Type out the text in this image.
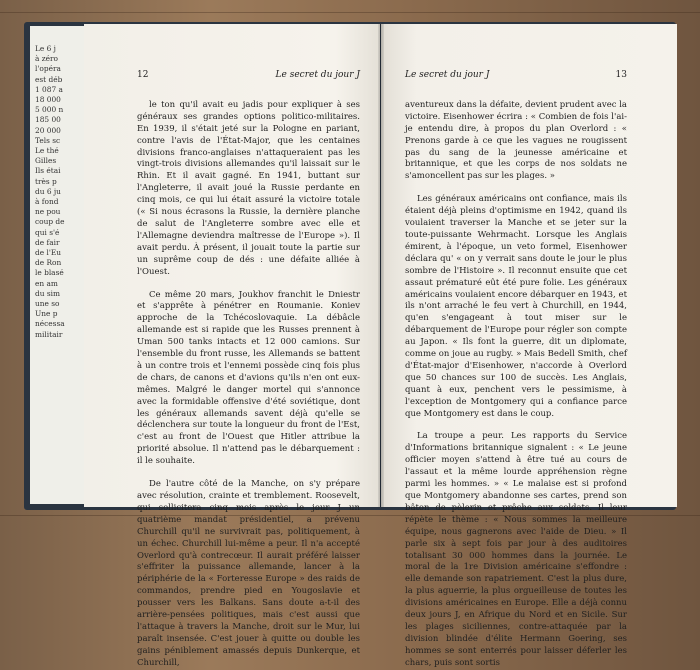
Le 6 j
à zéro
l'opéra
est déb
1 087 a
18 000
5 000 n
185 00
20 000
Tels sc
Le thé
Gilles
Ils étai
très p
du 6 ju
à fond
ne pou
coup de
qui s'é
de fair
de l'Eu
de Ron
le blasé
en am
du sim
une so
Une p
nécessa
militair
12	Le secret du jour J

le ton qu'il avait eu jadis pour expliquer à ses généraux ses grandes options politico-militaires. En 1939, il s'était jeté sur la Pologne en pariant, contre l'avis de l'État-Major, que les centaines divisions franco-anglaises n'attaqueraient pas les vingt-trois divisions allemandes qu'il laissait sur le Rhin. Et il avait gagné. En 1941, buttant sur l'Angleterre, il avait joué la Russie perdante en cinq mois, ce qui lui était assuré la victoire totale (« Si nous écrasons la Russie, la dernière planche de salut de l'Angleterre sombre avec elle et l'Allemagne deviendra maîtresse de l'Europe »). Il avait perdu. À présent, il jouait toute la partie sur un suprême coup de dés : une défaite alliée à l'Ouest.

Ce même 20 mars, Joukhov franchit le Dniestr et s'apprête à pénétrer en Roumanie. Koniev approche de la Tchécoslovaquie. La débâcle allemande est si rapide que les Russes prennent à Uman 500 tanks intacts et 12 000 camions. Sur l'ensemble du front russe, les Allemands se battent à un contre trois et l'ennemi possède cinq fois plus de chars, de canons et d'avions qu'ils n'en ont eux-mêmes. Malgré le danger mortel qui s'annonce avec la formidable offensive d'été soviétique, dont les généraux allemands savent déjà qu'elle se déclenchera sur toute la longueur du front de l'Est, c'est au front de l'Ouest que Hitler attribue la priorité absolue. Il n'attend pas le débarquement : il le souhaite.

De l'autre côté de la Manche, on s'y prépare avec résolution, crainte et tremblement. Roosevelt, qui sollicitera cinq mois après le jour J un quatrième mandat présidentiel, a prévenu Churchill qu'il ne survivrait pas, politiquement, à un échec. Churchill lui-même a peur. Il n'a accepté Overlord qu'à contrecœur. Il aurait préféré laisser s'effriter la puissance allemande, lancer à la périphérie de la « Forteresse Europe » des raids de commandos, prendre pied en Yougoslavie et pousser vers les Balkans. Sans doute a-t-il des arrière-pensées politiques, mais c'est aussi que l'attaque à travers la Manche, droit sur le Mur, lui paraît insensée. C'est jouer à quitte ou double les gains péniblement amassés depuis Dunkerque, et Churchill,

Le secret du jour J	13

aventureux dans la défaite, devient prudent avec la victoire. Eisenhower écrira : « Combien de fois l'ai-je entendu dire, à propos du plan Overlord : « Prenons garde à ce que les vagues ne rougissent pas du sang de la jeunesse américaine et britannique, et que les corps de nos soldats ne s'amoncellent pas sur les plages. »

Les généraux américains ont confiance, mais ils étaient déjà pleins d'optimisme en 1942, quand ils voulaient traverser la Manche et se jeter sur la toute-puissante Wehrmacht. Lorsque les Anglais émirent, à l'époque, un veto formel, Eisenhower déclara qu' « on y verrait sans doute le jour le plus sombre de l'Histoire ». Il reconnut ensuite que cet assaut prématuré eût été pure folie. Les généraux américains voulaient encore débarquer en 1943, et ils n'ont arraché le feu vert à Churchill, en 1944, qu'en s'engageant à tout miser sur le débarquement de l'Europe pour régler son compte au Japon. « Ils font la guerre, dit un diplomate, comme on joue au rugby. » Mais Bedell Smith, chef d'État-major d'Eisenhower, n'accorde à Overlord que 50 chances sur 100 de succès. Les Anglais, quant à eux, penchent vers le pessimisme, à l'exception de Montgomery qui a confiance parce que Montgomery est dans le coup.

La troupe a peur. Les rapports du Service d'Informations britannique signalent : « Le jeune officier moyen s'attend à être tué au cours de l'assaut et la même lourde appréhension règne parmi les hommes. » « Le malaise est si profond que Montgomery abandonne ses cartes, prend son bâton de pèlerin et prêche aux soldats. Il leur répète le thème : « Nous sommes la meilleure équipe, nous gagnerons avec l'aide de Dieu. » Il parle six à sept fois par jour à des auditoires totalisant 30 000 hommes dans la journée. Le moral de la 1re Division américaine s'effondre : elle demande son rapatriement. C'est la plus dure, la plus aguerrie, la plus orgueilleuse de toutes les divisions américaines en Europe. Elle a déjà connu deux jours J, en Afrique du Nord et en Sicile. Sur les plages siciliennes, contre-attaquée par la division blindée d'élite Hermann Goering, ses hommes se sont enterrés pour laisser déferler les chars, puis sont sortis
